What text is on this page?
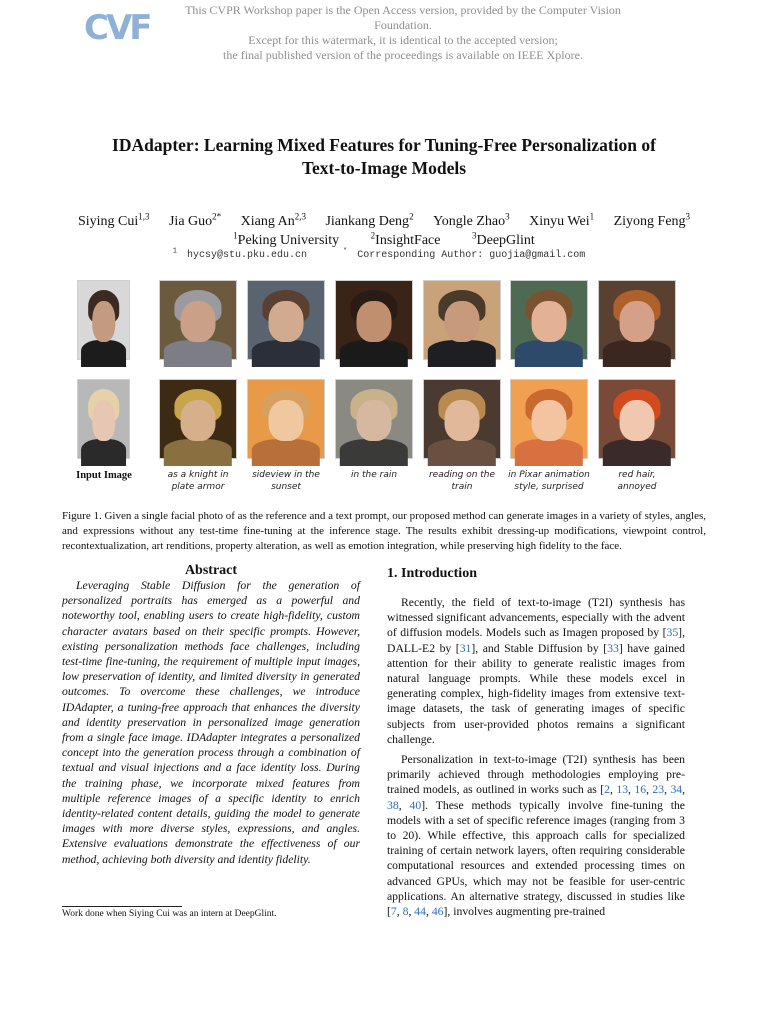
CVF	This CVPR Workshop paper is the Open Access version, provided by the Computer Vision Foundation.
Except for this watermark, it is identical to the accepted version;
the final published version of the proceedings is available on IEEE Xplore.
IDAdapter: Learning Mixed Features for Tuning-Free Personalization of
Text-to-Image Models
Siying Cui$^{1,3}$ Jia Guo$^{2*}$ Xiang An$^{2,3}$ Jiankang Deng$^2$ Yongle Zhao$^3$ Xinyu Wei$^1$ Ziyong Feng$^3$
$^1$Peking University	$^2$InsightFace	$^3$DeepGlint
$^1$ hycsy@stu.pku.edu.cn	* Corresponding Author: guojia@gmail.com
Input Image	as a knight in
plate armor
sideview in the
sunset
in the rain	reading on the
train
in Pixar animation
style, surprised
red hair,
annoyed
Figure 1. Given a single facial photo of as the reference and a text prompt, our proposed method can generate images in a variety of styles, angles, and expressions without any test-time fine-tuning at the inference stage. The results exhibit dressing-up modifications, viewpoint control, recontextualization, art renditions, property alteration, as well as emotion integration, while preserving high fidelity to the face.
Abstract
Leveraging Stable Diffusion for the generation of personalized portraits has emerged as a powerful and noteworthy tool, enabling users to create high-fidelity, custom character avatars based on their specific prompts. However, existing personalization methods face challenges, including test-time fine-tuning, the requirement of multiple input images, low preservation of identity, and limited diversity in generated outcomes. To overcome these challenges, we introduce IDAdapter, a tuning-free approach that enhances the diversity and identity preservation in personalized image generation from a single face image. IDAdapter integrates a personalized concept into the generation process through a combination of textual and visual injections and a face identity loss. During the training phase, we incorporate mixed features from multiple reference images of a specific identity to enrich identity-related content details, guiding the model to generate images with more diverse styles, expressions, and angles. Extensive evaluations demonstrate the effectiveness of our method, achieving both diversity and identity fidelity.
1. Introduction
Recently, the field of text-to-image (T2I) synthesis has witnessed significant advancements, especially with the advent of diffusion models. Models such as Imagen proposed by [35], DALL-E2 by [31], and Stable Diffusion by [33] have gained attention for their ability to generate realistic images from natural language prompts. While these models excel in generating complex, high-fidelity images from extensive text-image datasets, the task of generating images of specific subjects from user-provided photos remains a significant challenge.
Personalization in text-to-image (T2I) synthesis has been primarily achieved through methodologies employing pre-trained models, as outlined in works such as [2, 13, 16, 23, 34, 38, 40]. These methods typically involve fine-tuning the models with a set of specific reference images (ranging from 3 to 20). While effective, this approach calls for specialized training of certain network layers, often requiring considerable computational resources and extended processing times on advanced GPUs, which may not be feasible for user-centric applications. An alternative strategy, discussed in studies like [7, 8, 44, 46], involves augmenting pre-trained
Work done when Siying Cui was an intern at DeepGlint.
